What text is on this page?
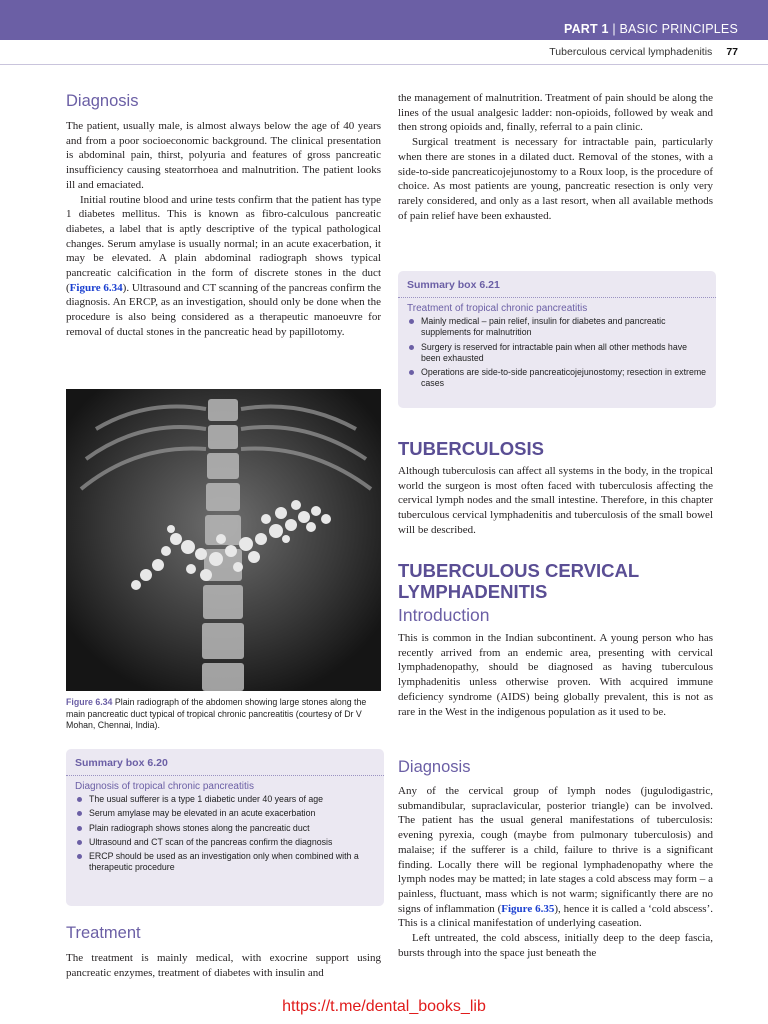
PART 1 | BASIC PRINCIPLES
Tuberculous cervical lymphadenitis 77
Diagnosis

The patient, usually male, is almost always below the age of 40 years and from a poor socioeconomic background. The clinical presentation is abdominal pain, thirst, polyuria and features of gross pancreatic insufficiency causing steatorrhoea and malnutrition. The patient looks ill and emaciated.

Initial routine blood and urine tests confirm that the patient has type 1 diabetes mellitus. This is known as fibro-calculous pancreatic diabetes, a label that is aptly descriptive of the typical pathological changes. Serum amylase is usually normal; in an acute exacerbation, it may be elevated. A plain abdominal radiograph shows typical pancreatic calcification in the form of discrete stones in the duct (Figure 6.34). Ultrasound and CT scanning of the pancreas confirm the diagnosis. An ERCP, as an investigation, should only be done when the procedure is also being considered as a therapeutic manoeuvre for removal of ductal stones in the pancreatic head by papillotomy.

Figure 6.34 Plain radiograph of the abdomen showing large stones along the main pancreatic duct typical of tropical chronic pancreatitis (courtesy of Dr V Mohan, Chennai, India).
Summary box 6.20
Diagnosis of tropical chronic pancreatitis
The usual sufferer is a type 1 diabetic under 40 years of age
Serum amylase may be elevated in an acute exacerbation
Plain radiograph shows stones along the pancreatic duct
Ultrasound and CT scan of the pancreas confirm the diagnosis
ERCP should be used as an investigation only when combined with a therapeutic procedure
Treatment

The treatment is mainly medical, with exocrine support using pancreatic enzymes, treatment of diabetes with insulin and

the management of malnutrition. Treatment of pain should be along the lines of the usual analgesic ladder: non-opioids, followed by weak and then strong opioids and, finally, referral to a pain clinic.

Surgical treatment is necessary for intractable pain, particularly when there are stones in a dilated duct. Removal of the stones, with a side-to-side pancreaticojejunostomy to a Roux loop, is the procedure of choice. As most patients are young, pancreatic resection is only very rarely considered, and only as a last resort, when all available methods of pain relief have been exhausted.

Summary box 6.21
Treatment of tropical chronic pancreatitis
Mainly medical – pain relief, insulin for diabetes and pancreatic supplements for malnutrition
Surgery is reserved for intractable pain when all other methods have been exhausted
Operations are side-to-side pancreaticojejunostomy; resection in extreme cases
TUBERCULOSIS

Although tuberculosis can affect all systems in the body, in the tropical world the surgeon is most often faced with tuberculosis affecting the cervical lymph nodes and the small intestine. Therefore, in this chapter tuberculous cervical lymphadenitis and tuberculosis of the small bowel will be described.

TUBERCULOUS CERVICAL LYMPHADENITIS
Introduction

This is common in the Indian subcontinent. A young person who has recently arrived from an endemic area, presenting with cervical lymphadenopathy, should be diagnosed as having tuberculous lymphadenitis unless otherwise proven. With acquired immune deficiency syndrome (AIDS) being globally prevalent, this is not as rare in the West in the indigenous population as it used to be.

Diagnosis

Any of the cervical group of lymph nodes (jugulodigastric, submandibular, supraclavicular, posterior triangle) can be involved. The patient has the usual general manifestations of tuberculosis: evening pyrexia, cough (maybe from pulmonary tuberculosis) and malaise; if the sufferer is a child, failure to thrive is a significant finding. Locally there will be regional lymphadenopathy where the lymph nodes may be matted; in late stages a cold abscess may form – a painless, fluctuant, mass which is not warm; significantly there are no signs of inflammation (Figure 6.35), hence it is called a ‘cold abscess’. This is a clinical manifestation of underlying caseation.

Left untreated, the cold abscess, initially deep to the deep fascia, bursts through into the space just beneath the

https://t.me/dental_books_lib
